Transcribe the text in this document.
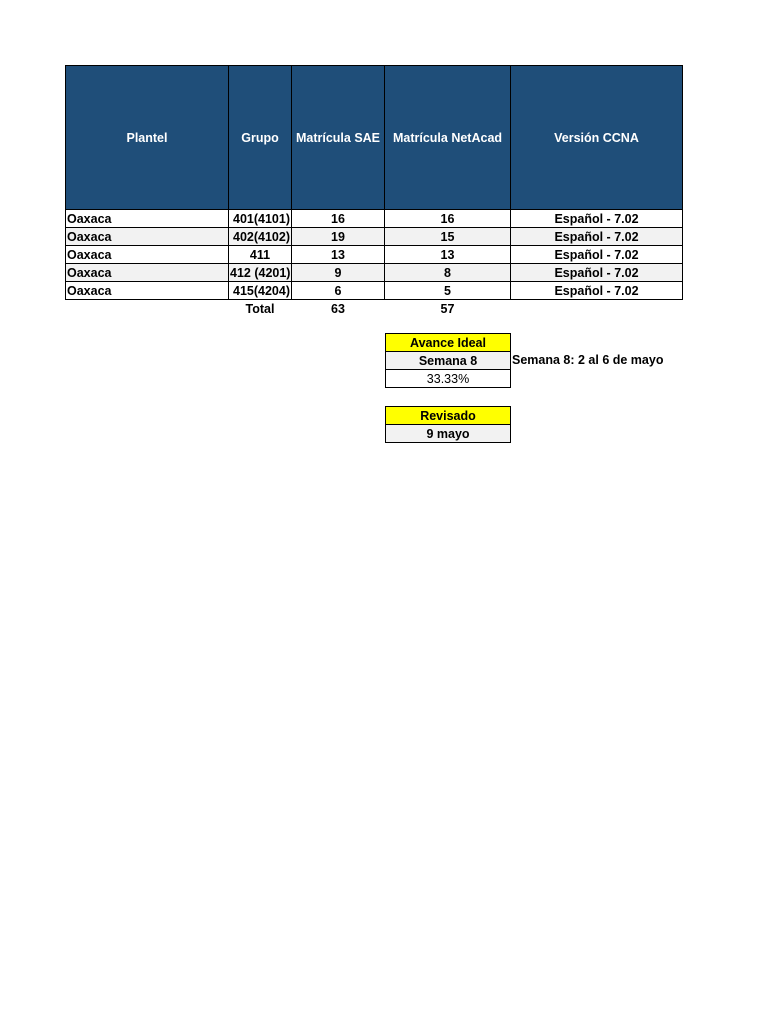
Plantel	Grupo	Matrícula SAE	Matrícula NetAcad	Versión CCNA
Oaxaca	401(4101)	16	16	Español - 7.02
Oaxaca	402(4102)	19	15	Español - 7.02
Oaxaca	411	13	13	Español - 7.02
Oaxaca	412 (4201)	9	8	Español - 7.02
Oaxaca	415(4204)	6	5	Español - 7.02
	Total	63	57	
Avance Ideal
Semana 8
33.33%
Semana 8: 2 al 6 de mayo
Revisado
9 mayo
